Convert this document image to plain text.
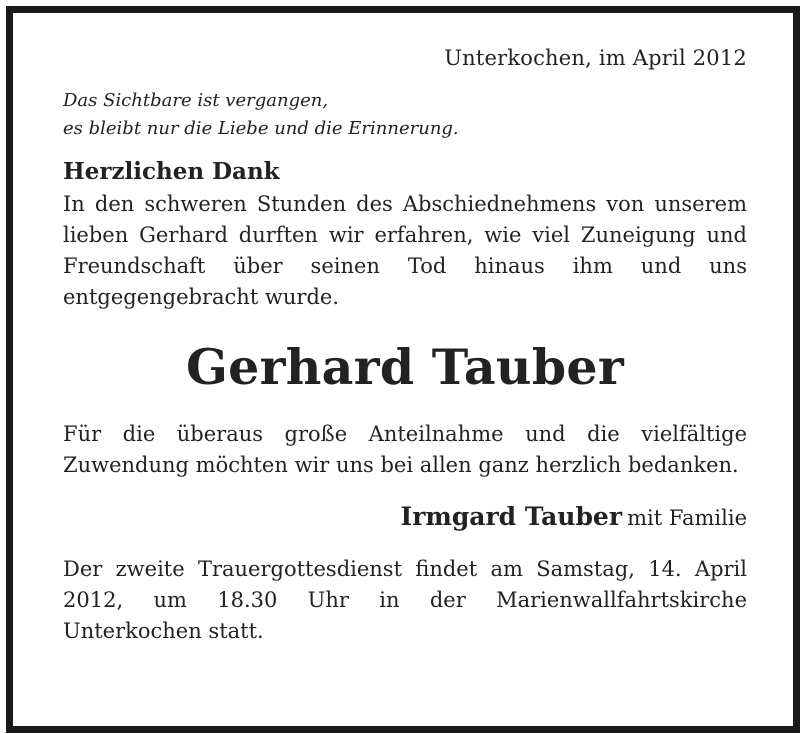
Unterkochen, im April 2012

Das Sichtbare ist vergangen,
es bleibt nur die Liebe und die Erinnerung.

Herzlichen Dank

In den schweren Stunden des Abschiednehmens von unserem lieben Gerhard durften wir erfahren, wie viel Zuneigung und Freundschaft über seinen Tod hinaus ihm und uns entgegengebracht wurde.

Gerhard Tauber

Für die überaus große Anteilnahme und die vielfältige Zuwendung möchten wir uns bei allen ganz herzlich bedanken.

Irmgard Tauber mit Familie

Der zweite Trauergottesdienst findet am Samstag, 14. April 2012, um 18.30 Uhr in der Marienwallfahrtskirche Unterkochen statt.
